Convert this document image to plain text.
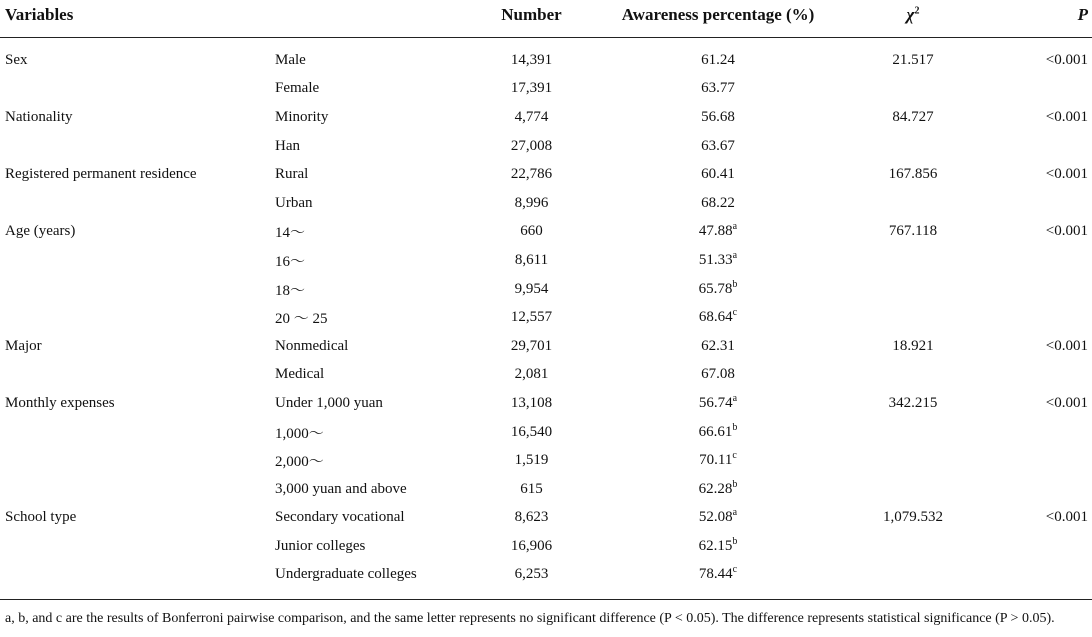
Variables		Number	Awareness percentage (%)	$\chi^2$	P
Sex	Male	14,391	61.24	21.517	<0.001
	Female	17,391	63.77		
Nationality	Minority	4,774	56.68	84.727	<0.001
	Han	27,008	63.67		
Registered permanent residence	Rural	22,786	60.41	167.856	<0.001
	Urban	8,996	68.22		
Age (years)	14～	660	47.88$^a$	767.118	<0.001
	16～	8,611	51.33$^a$		
	18～	9,954	65.78$^b$		
	20 ～ 25	12,557	68.64$^c$		
Major	Nonmedical	29,701	62.31	18.921	<0.001
	Medical	2,081	67.08		
Monthly expenses	Under 1,000 yuan	13,108	56.74$^a$	342.215	<0.001
	1,000～	16,540	66.61$^b$		
	2,000～	1,519	70.11$^c$		
	3,000 yuan and above	615	62.28$^b$		
School type	Secondary vocational	8,623	52.08$^a$	1,079.532	<0.001
	Junior colleges	16,906	62.15$^b$		
	Undergraduate colleges	6,253	78.44$^c$		
a, b, and c are the results of Bonferroni pairwise comparison, and the same letter represents no significant difference (P < 0.05). The difference represents statistical significance (P > 0.05).
